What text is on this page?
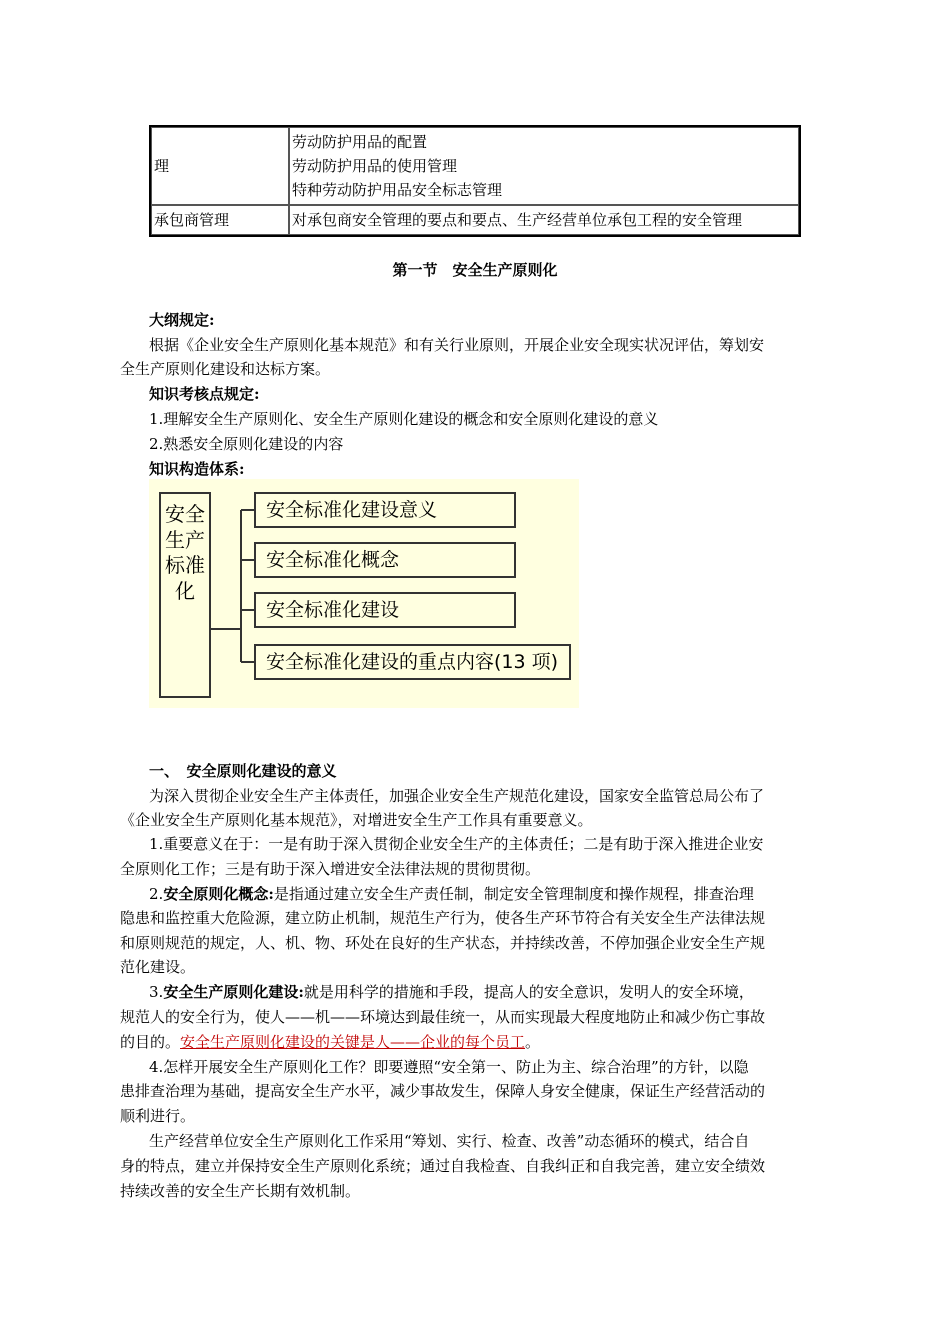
理	劳动防护用品的配置
劳动防护用品的使用管理
特种劳动防护用品安全标志管理

承包商管理	对承包商安全管理的要点和要点、生产经营单位承包工程的安全管理
第一节　安全生产原则化
大纲规定:
根据《企业安全生产原则化基本规范》和有关行业原则，开展企业安全现实状况评估，筹划安
全生产原则化建设和达标方案。
知识考核点规定:
1.理解安全生产原则化、安全生产原则化建设的概念和安全原则化建设的意义
2.熟悉安全原则化建设的内容
知识构造体系:
安全生产标准化
安全标准化建设意义
安全标准化概念
安全标准化建设
安全标准化建设的重点内容(13 项)
一、　安全原则化建设的意义
为深入贯彻企业安全生产主体责任，加强企业安全生产规范化建设，国家安全监管总局公布了
《企业安全生产原则化基本规范》，对增进安全生产工作具有重要意义。
1.重要意义在于：一是有助于深入贯彻企业安全生产的主体责任；二是有助于深入推进企业安
全原则化工作；三是有助于深入增进安全法律法规的贯彻贯彻。
2.安全原则化概念:是指通过建立安全生产责任制，制定安全管理制度和操作规程，排查治理
隐患和监控重大危险源，建立防止机制，规范生产行为，使各生产环节符合有关安全生产法律法规
和原则规范的规定，人、机、物、环处在良好的生产状态，并持续改善，不停加强企业安全生产规
范化建设。
3.安全生产原则化建设:就是用科学的措施和手段，提高人的安全意识，发明人的安全环境，
规范人的安全行为，使人——机——环境达到最佳统一，从而实现最大程度地防止和减少伤亡事故
的目的。安全生产原则化建设的关键是人——企业的每个员工。
4.怎样开展安全生产原则化工作？即要遵照“安全第一、防止为主、综合治理”的方针，以隐
患排查治理为基础，提高安全生产水平，减少事故发生，保障人身安全健康，保证生产经营活动的
顺利进行。
生产经营单位安全生产原则化工作采用“筹划、实行、检查、改善”动态循环的模式，结合自
身的特点，建立并保持安全生产原则化系统；通过自我检查、自我纠正和自我完善，建立安全绩效
持续改善的安全生产长期有效机制。
